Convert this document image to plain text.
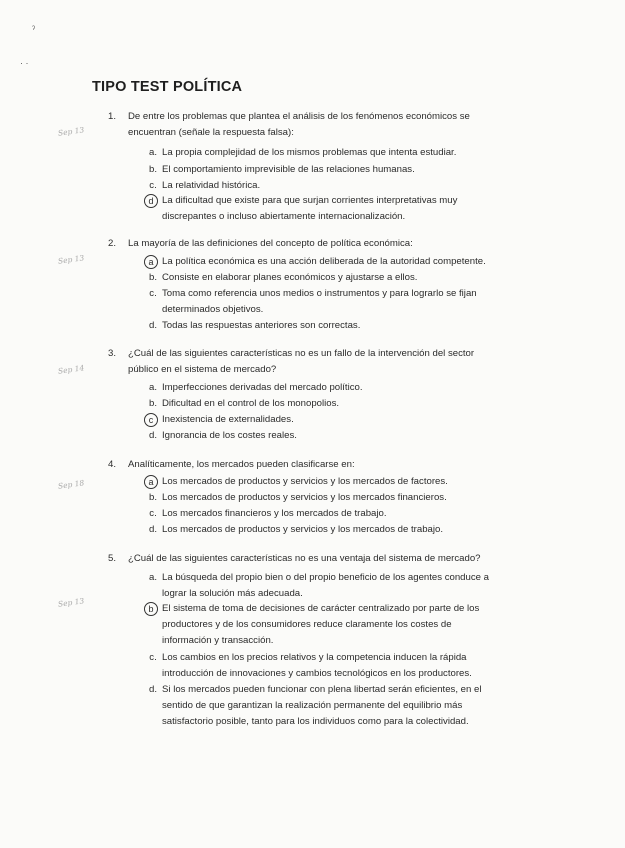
ˀ
· ·
TIPO TEST POLÍTICA
1. De entre los problemas que plantea el análisis de los fenómenos económicos se
encuentran (señale la respuesta falsa):
Sep 13
a. La propia complejidad de los mismos problemas que intenta estudiar.
b. El comportamiento imprevisible de las relaciones humanas.
c. La relatividad histórica.
d La dificultad que existe para que surjan corrientes interpretativas muy
discrepantes o incluso abiertamente internacionalización.
2. La mayoría de las definiciones del concepto de política económica:
Sep 13	a La política económica es una acción deliberada de la autoridad competente.
b. Consiste en elaborar planes económicos y ajustarse a ellos.
c. Toma como referencia unos medios o instrumentos y para lograrlo se fijan
determinados objetivos.
d. Todas las respuestas anteriores son correctas.
3. ¿Cuál de las siguientes características no es un fallo de la intervención del sector
público en el sistema de mercado?
Sep 14
a. Imperfecciones derivadas del mercado político.
b. Dificultad en el control de los monopolios.
c Inexistencia de externalidades.
d. Ignorancia de los costes reales.
4. Analíticamente, los mercados pueden clasificarse en:
Sep 18	a Los mercados de productos y servicios y los mercados de factores.
b. Los mercados de productos y servicios y los mercados financieros.
c. Los mercados financieros y los mercados de trabajo.
d. Los mercados de productos y servicios y los mercados de trabajo.
5. ¿Cuál de las siguientes características no es una ventaja del sistema de mercado?
Sep 13
a. La búsqueda del propio bien o del propio beneficio de los agentes conduce a
lograr la solución más adecuada.
b El sistema de toma de decisiones de carácter centralizado por parte de los
productores y de los consumidores reduce claramente los costes de
información y transacción.
c. Los cambios en los precios relativos y la competencia inducen la rápida
introducción de innovaciones y cambios tecnológicos en los productores.
d. Si los mercados pueden funcionar con plena libertad serán eficientes, en el
sentido de que garantizan la realización permanente del equilibrio más
satisfactorio posible, tanto para los individuos como para la colectividad.
